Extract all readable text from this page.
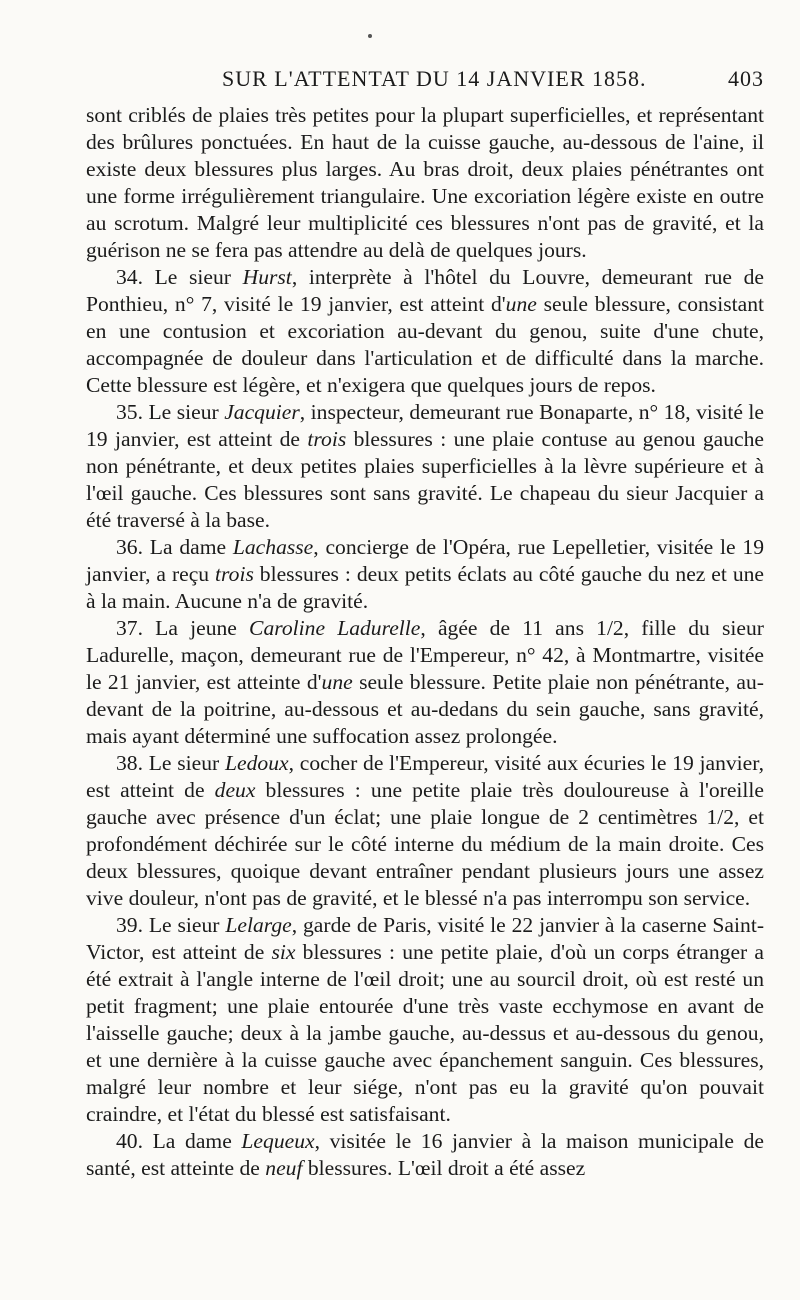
SUR L'ATTENTAT DU 14 JANVIER 1858.	403

sont criblés de plaies très petites pour la plupart superficielles, et représentant des brûlures ponctuées. En haut de la cuisse gauche, au-dessous de l'aine, il existe deux blessures plus larges. Au bras droit, deux plaies pénétrantes ont une forme irrégulièrement triangulaire. Une excoriation légère existe en outre au scrotum. Malgré leur multiplicité ces blessures n'ont pas de gravité, et la guérison ne se fera pas attendre au delà de quelques jours.

34. Le sieur Hurst, interprète à l'hôtel du Louvre, demeurant rue de Ponthieu, n° 7, visité le 19 janvier, est atteint d'une seule blessure, consistant en une contusion et excoriation au-devant du genou, suite d'une chute, accompagnée de douleur dans l'articulation et de difficulté dans la marche. Cette blessure est légère, et n'exigera que quelques jours de repos.

35. Le sieur Jacquier, inspecteur, demeurant rue Bonaparte, n° 18, visité le 19 janvier, est atteint de trois blessures : une plaie contuse au genou gauche non pénétrante, et deux petites plaies superficielles à la lèvre supérieure et à l'œil gauche. Ces blessures sont sans gravité. Le chapeau du sieur Jacquier a été traversé à la base.

36. La dame Lachasse, concierge de l'Opéra, rue Lepelletier, visitée le 19 janvier, a reçu trois blessures : deux petits éclats au côté gauche du nez et une à la main. Aucune n'a de gravité.

37. La jeune Caroline Ladurelle, âgée de 11 ans 1/2, fille du sieur Ladurelle, maçon, demeurant rue de l'Empereur, n° 42, à Montmartre, visitée le 21 janvier, est atteinte d'une seule blessure. Petite plaie non pénétrante, au-devant de la poitrine, au-dessous et au-dedans du sein gauche, sans gravité, mais ayant déterminé une suffocation assez prolongée.

38. Le sieur Ledoux, cocher de l'Empereur, visité aux écuries le 19 janvier, est atteint de deux blessures : une petite plaie très douloureuse à l'oreille gauche avec présence d'un éclat; une plaie longue de 2 centimètres 1/2, et profondément déchirée sur le côté interne du médium de la main droite. Ces deux blessures, quoique devant entraîner pendant plusieurs jours une assez vive douleur, n'ont pas de gravité, et le blessé n'a pas interrompu son service.

39. Le sieur Lelarge, garde de Paris, visité le 22 janvier à la caserne Saint-Victor, est atteint de six blessures : une petite plaie, d'où un corps étranger a été extrait à l'angle interne de l'œil droit; une au sourcil droit, où est resté un petit fragment; une plaie entourée d'une très vaste ecchymose en avant de l'aisselle gauche; deux à la jambe gauche, au-dessus et au-dessous du genou, et une dernière à la cuisse gauche avec épanchement sanguin. Ces blessures, malgré leur nombre et leur siége, n'ont pas eu la gravité qu'on pouvait craindre, et l'état du blessé est satisfaisant.

40. La dame Lequeux, visitée le 16 janvier à la maison municipale de santé, est atteinte de neuf blessures. L'œil droit a été assez
